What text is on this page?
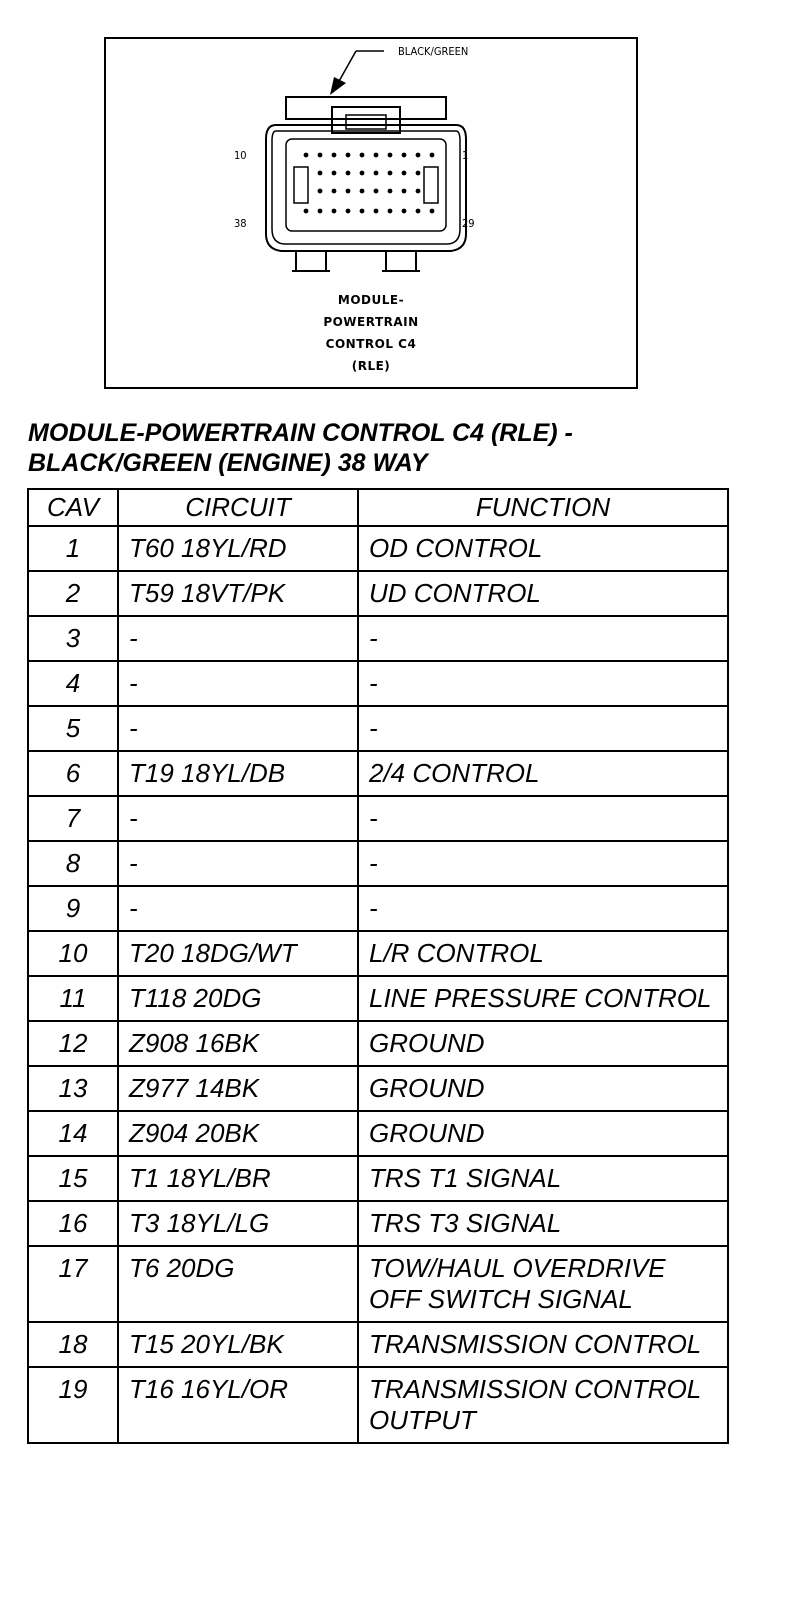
BLACK/GREEN
10	1
38	29
MODULE-
POWERTRAIN
CONTROL C4
(RLE)
MODULE-POWERTRAIN CONTROL C4 (RLE) -
BLACK/GREEN (ENGINE) 38 WAY
CAV	CIRCUIT	FUNCTION
1	T60 18YL/RD	OD CONTROL
2	T59 18VT/PK	UD CONTROL
3	-	-
4	-	-
5	-	-
6	T19 18YL/DB	2/4 CONTROL
7	-	-
8	-	-
9	-	-
10	T20 18DG/WT	L/R CONTROL
11	T118 20DG	LINE PRESSURE CONTROL
12	Z908 16BK	GROUND
13	Z977 14BK	GROUND
14	Z904 20BK	GROUND
15	T1 18YL/BR	TRS T1 SIGNAL
16	T3 18YL/LG	TRS T3 SIGNAL
17	T6 20DG	TOW/HAUL OVERDRIVE OFF SWITCH SIGNAL
18	T15 20YL/BK	TRANSMISSION CONTROL
19	T16 16YL/OR	TRANSMISSION CONTROL OUTPUT
